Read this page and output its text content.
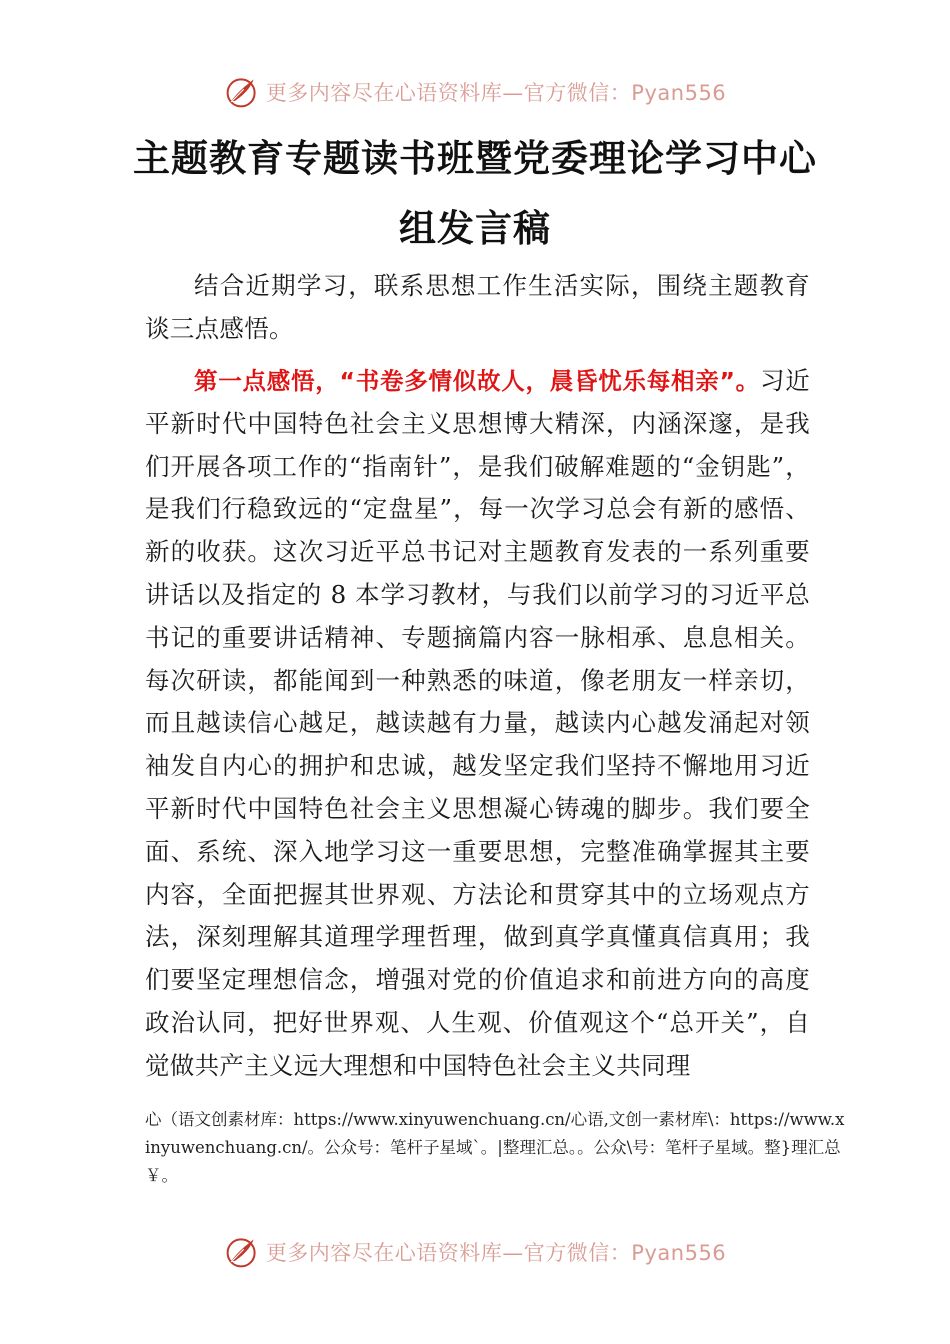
更多内容尽在心语资料库—官方微信：Pyan556
主题教育专题读书班暨党委理论学习中心
组发言稿
结合近期学习，联系思想工作生活实际，围绕主题教育谈三点感悟。
第一点感悟，“书卷多情似故人，晨昏忧乐每相亲”。习近平新时代中国特色社会主义思想博大精深，内涵深邃，是我们开展各项工作的“指南针”，是我们破解难题的“金钥匙”，是我们行稳致远的“定盘星”，每一次学习总会有新的感悟、新的收获。这次习近平总书记对主题教育发表的一系列重要讲话以及指定的 8 本学习教材，与我们以前学习的习近平总书记的重要讲话精神、专题摘篇内容一脉相承、息息相关。每次研读，都能闻到一种熟悉的味道，像老朋友一样亲切，而且越读信心越足，越读越有力量，越读内心越发涌起对领袖发自内心的拥护和忠诚，越发坚定我们坚持不懈地用习近平新时代中国特色社会主义思想凝心铸魂的脚步。我们要全面、系统、深入地学习这一重要思想，完整准确掌握其主要内容，全面把握其世界观、方法论和贯穿其中的立场观点方法，深刻理解其道理学理哲理，做到真学真懂真信真用；我们要坚定理想信念，增强对党的价值追求和前进方向的高度政治认同，把好世界观、人生观、价值观这个“总开关”，自觉做共产主义远大理想和中国特色社会主义共同理
心（语文创素材库：https://www.xinyuwenchuang.cn/心语,文创一素材库\：https://www.xinyuwenchuang.cn/。公众号：笔杆子星域`。|整理汇总。。公众\号：笔杆子星域。整}理汇总￥。
更多内容尽在心语资料库—官方微信：Pyan556
